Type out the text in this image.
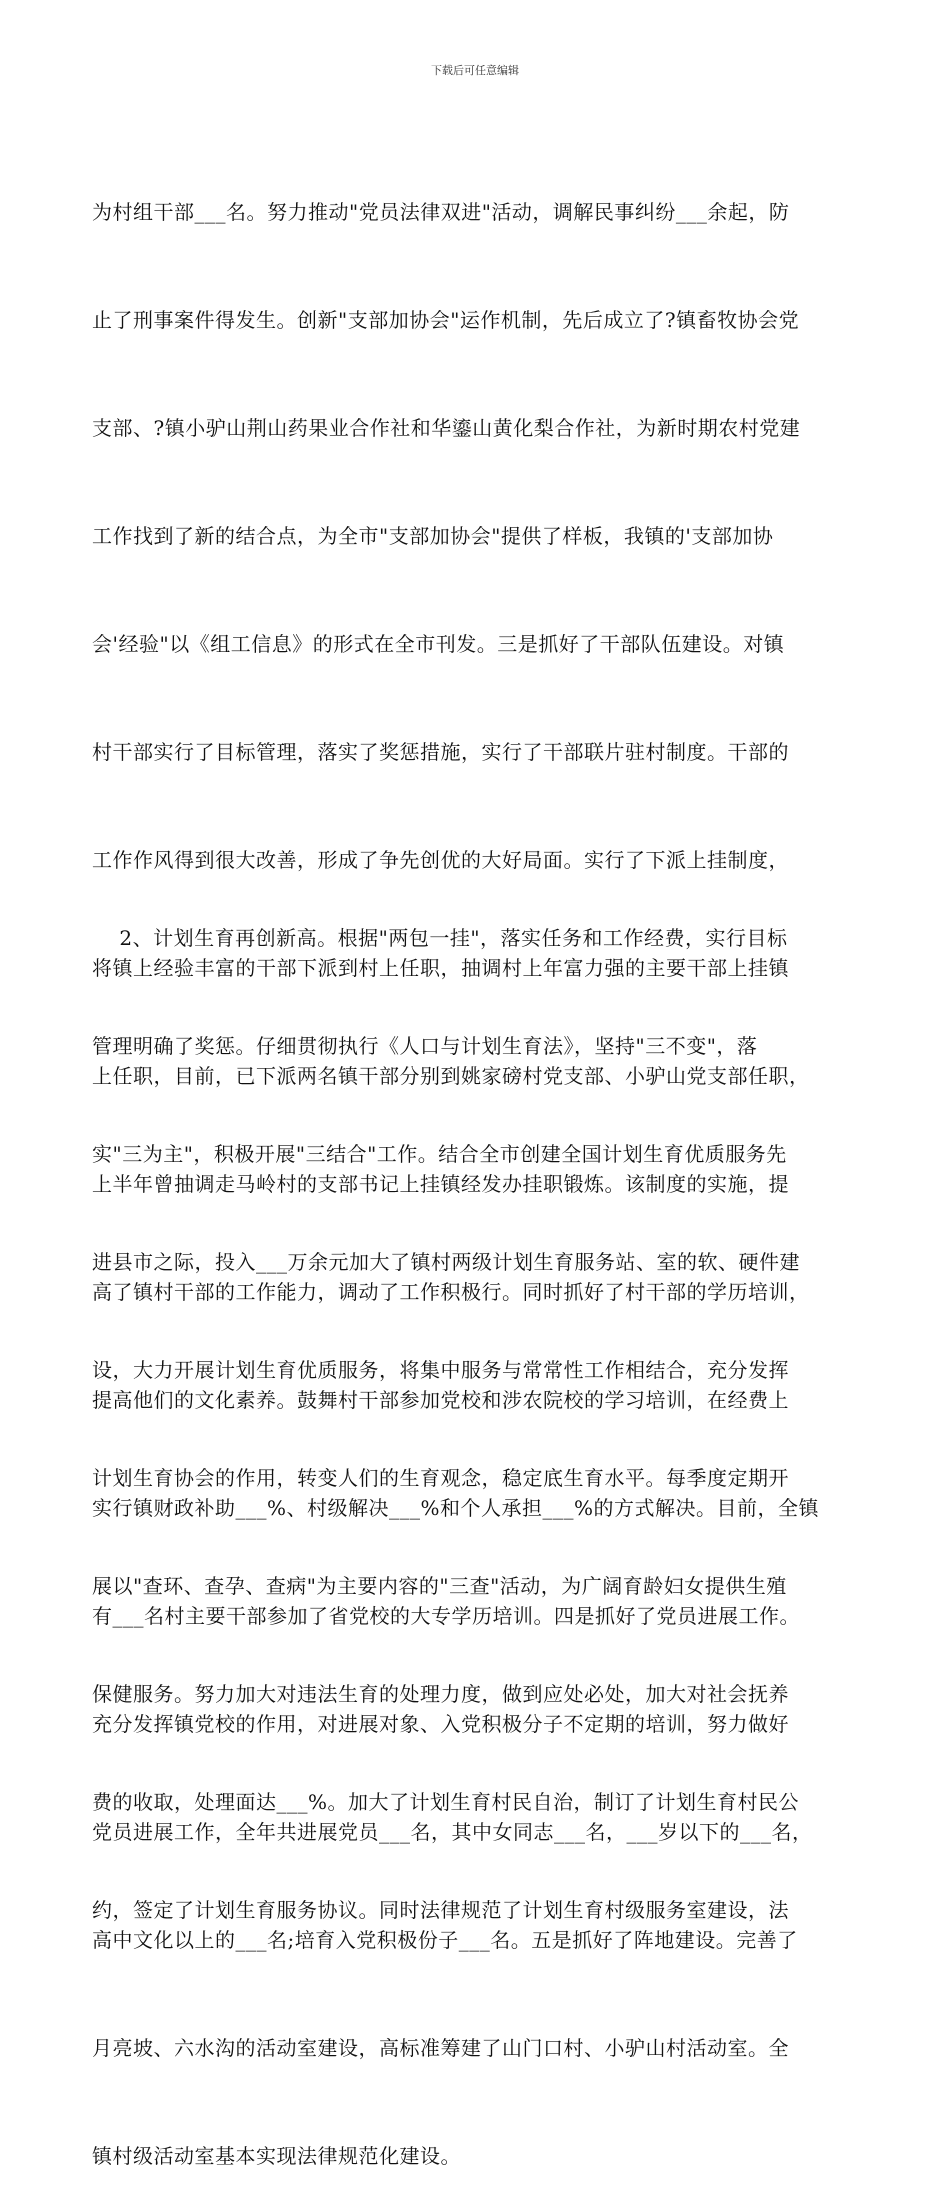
下载后可任意编辑

为村组干部___名。努力推动"党员法律双进"活动，调解民事纠纷___余起，防

止了刑事案件得发生。创新"支部加协会"运作机制，先后成立了?镇畜牧协会党

支部、?镇小驴山荆山药果业合作社和华鎏山黄化梨合作社，为新时期农村党建

工作找到了新的结合点，为全市"支部加协会"提供了样板，我镇的'支部加协

会'经验"以《组工信息》的形式在全市刊发。三是抓好了干部队伍建设。对镇

村干部实行了目标管理，落实了奖惩措施，实行了干部联片驻村制度。干部的

工作作风得到很大改善，形成了争先创优的大好局面。实行了下派上挂制度，

将镇上经验丰富的干部下派到村上任职，抽调村上年富力强的主要干部上挂镇

上任职，目前，已下派两名镇干部分别到姚家磅村党支部、小驴山党支部任职，

上半年曾抽调走马岭村的支部书记上挂镇经发办挂职锻炼。该制度的实施，提

高了镇村干部的工作能力，调动了工作积极行。同时抓好了村干部的学历培训，

提高他们的文化素养。鼓舞村干部参加党校和涉农院校的学习培训，在经费上

实行镇财政补助___%、村级解决___%和个人承担___%的方式解决。目前，全镇

有___名村主要干部参加了省党校的大专学历培训。四是抓好了党员进展工作。

充分发挥镇党校的作用，对进展对象、入党积极分子不定期的培训，努力做好

党员进展工作，全年共进展党员___名，其中女同志___名，___岁以下的___名，

高中文化以上的___名;培育入党积极份子___名。五是抓好了阵地建设。完善了

月亮坡、六水沟的活动室建设，高标准筹建了山门口村、小驴山村活动室。全

镇村级活动室基本实现法律规范化建设。

2、计划生育再创新高。根据"两包一挂"，落实任务和工作经费，实行目标

管理明确了奖惩。仔细贯彻执行《人口与计划生育法》，坚持"三不变"，落

实"三为主"，积极开展"三结合"工作。结合全市创建全国计划生育优质服务先

进县市之际，投入___万余元加大了镇村两级计划生育服务站、室的软、硬件建

设，大力开展计划生育优质服务，将集中服务与常常性工作相结合，充分发挥

计划生育协会的作用，转变人们的生育观念，稳定底生育水平。每季度定期开

展以"查环、查孕、查病"为主要内容的"三查"活动，为广阔育龄妇女提供生殖

保健服务。努力加大对违法生育的处理力度，做到应处必处，加大对社会抚养

费的收取，处理面达___%。加大了计划生育村民自治，制订了计划生育村民公

约，签定了计划生育服务协议。同时法律规范了计划生育村级服务室建设，法
